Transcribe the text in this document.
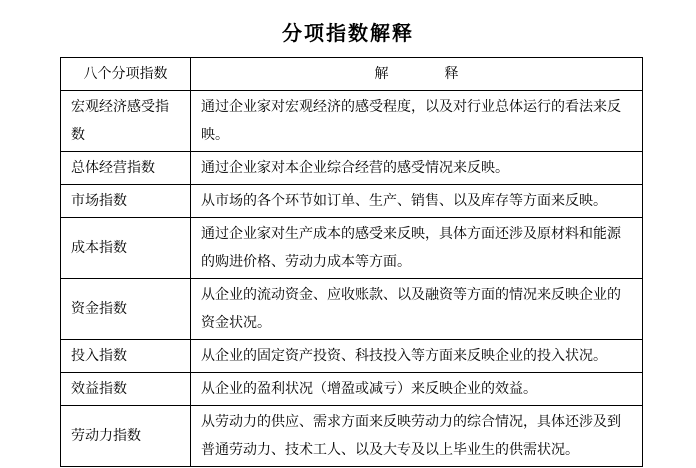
分项指数解释
八个分项指数	解　　　　释
宏观经济感受指数	通过企业家对宏观经济的感受程度，以及对行业总体运行的看法来反映。
总体经营指数	通过企业家对本企业综合经营的感受情况来反映。
市场指数	从市场的各个环节如订单、生产、销售、以及库存等方面来反映。
成本指数	通过企业家对生产成本的感受来反映，具体方面还涉及原材料和能源的购进价格、劳动力成本等方面。
资金指数	从企业的流动资金、应收账款、以及融资等方面的情况来反映企业的资金状况。
投入指数	从企业的固定资产投资、科技投入等方面来反映企业的投入状况。
效益指数	从企业的盈利状况（增盈或减亏）来反映企业的效益。
劳动力指数	从劳动力的供应、需求方面来反映劳动力的综合情况，具体还涉及到普通劳动力、技术工人、以及大专及以上毕业生的供需状况。
